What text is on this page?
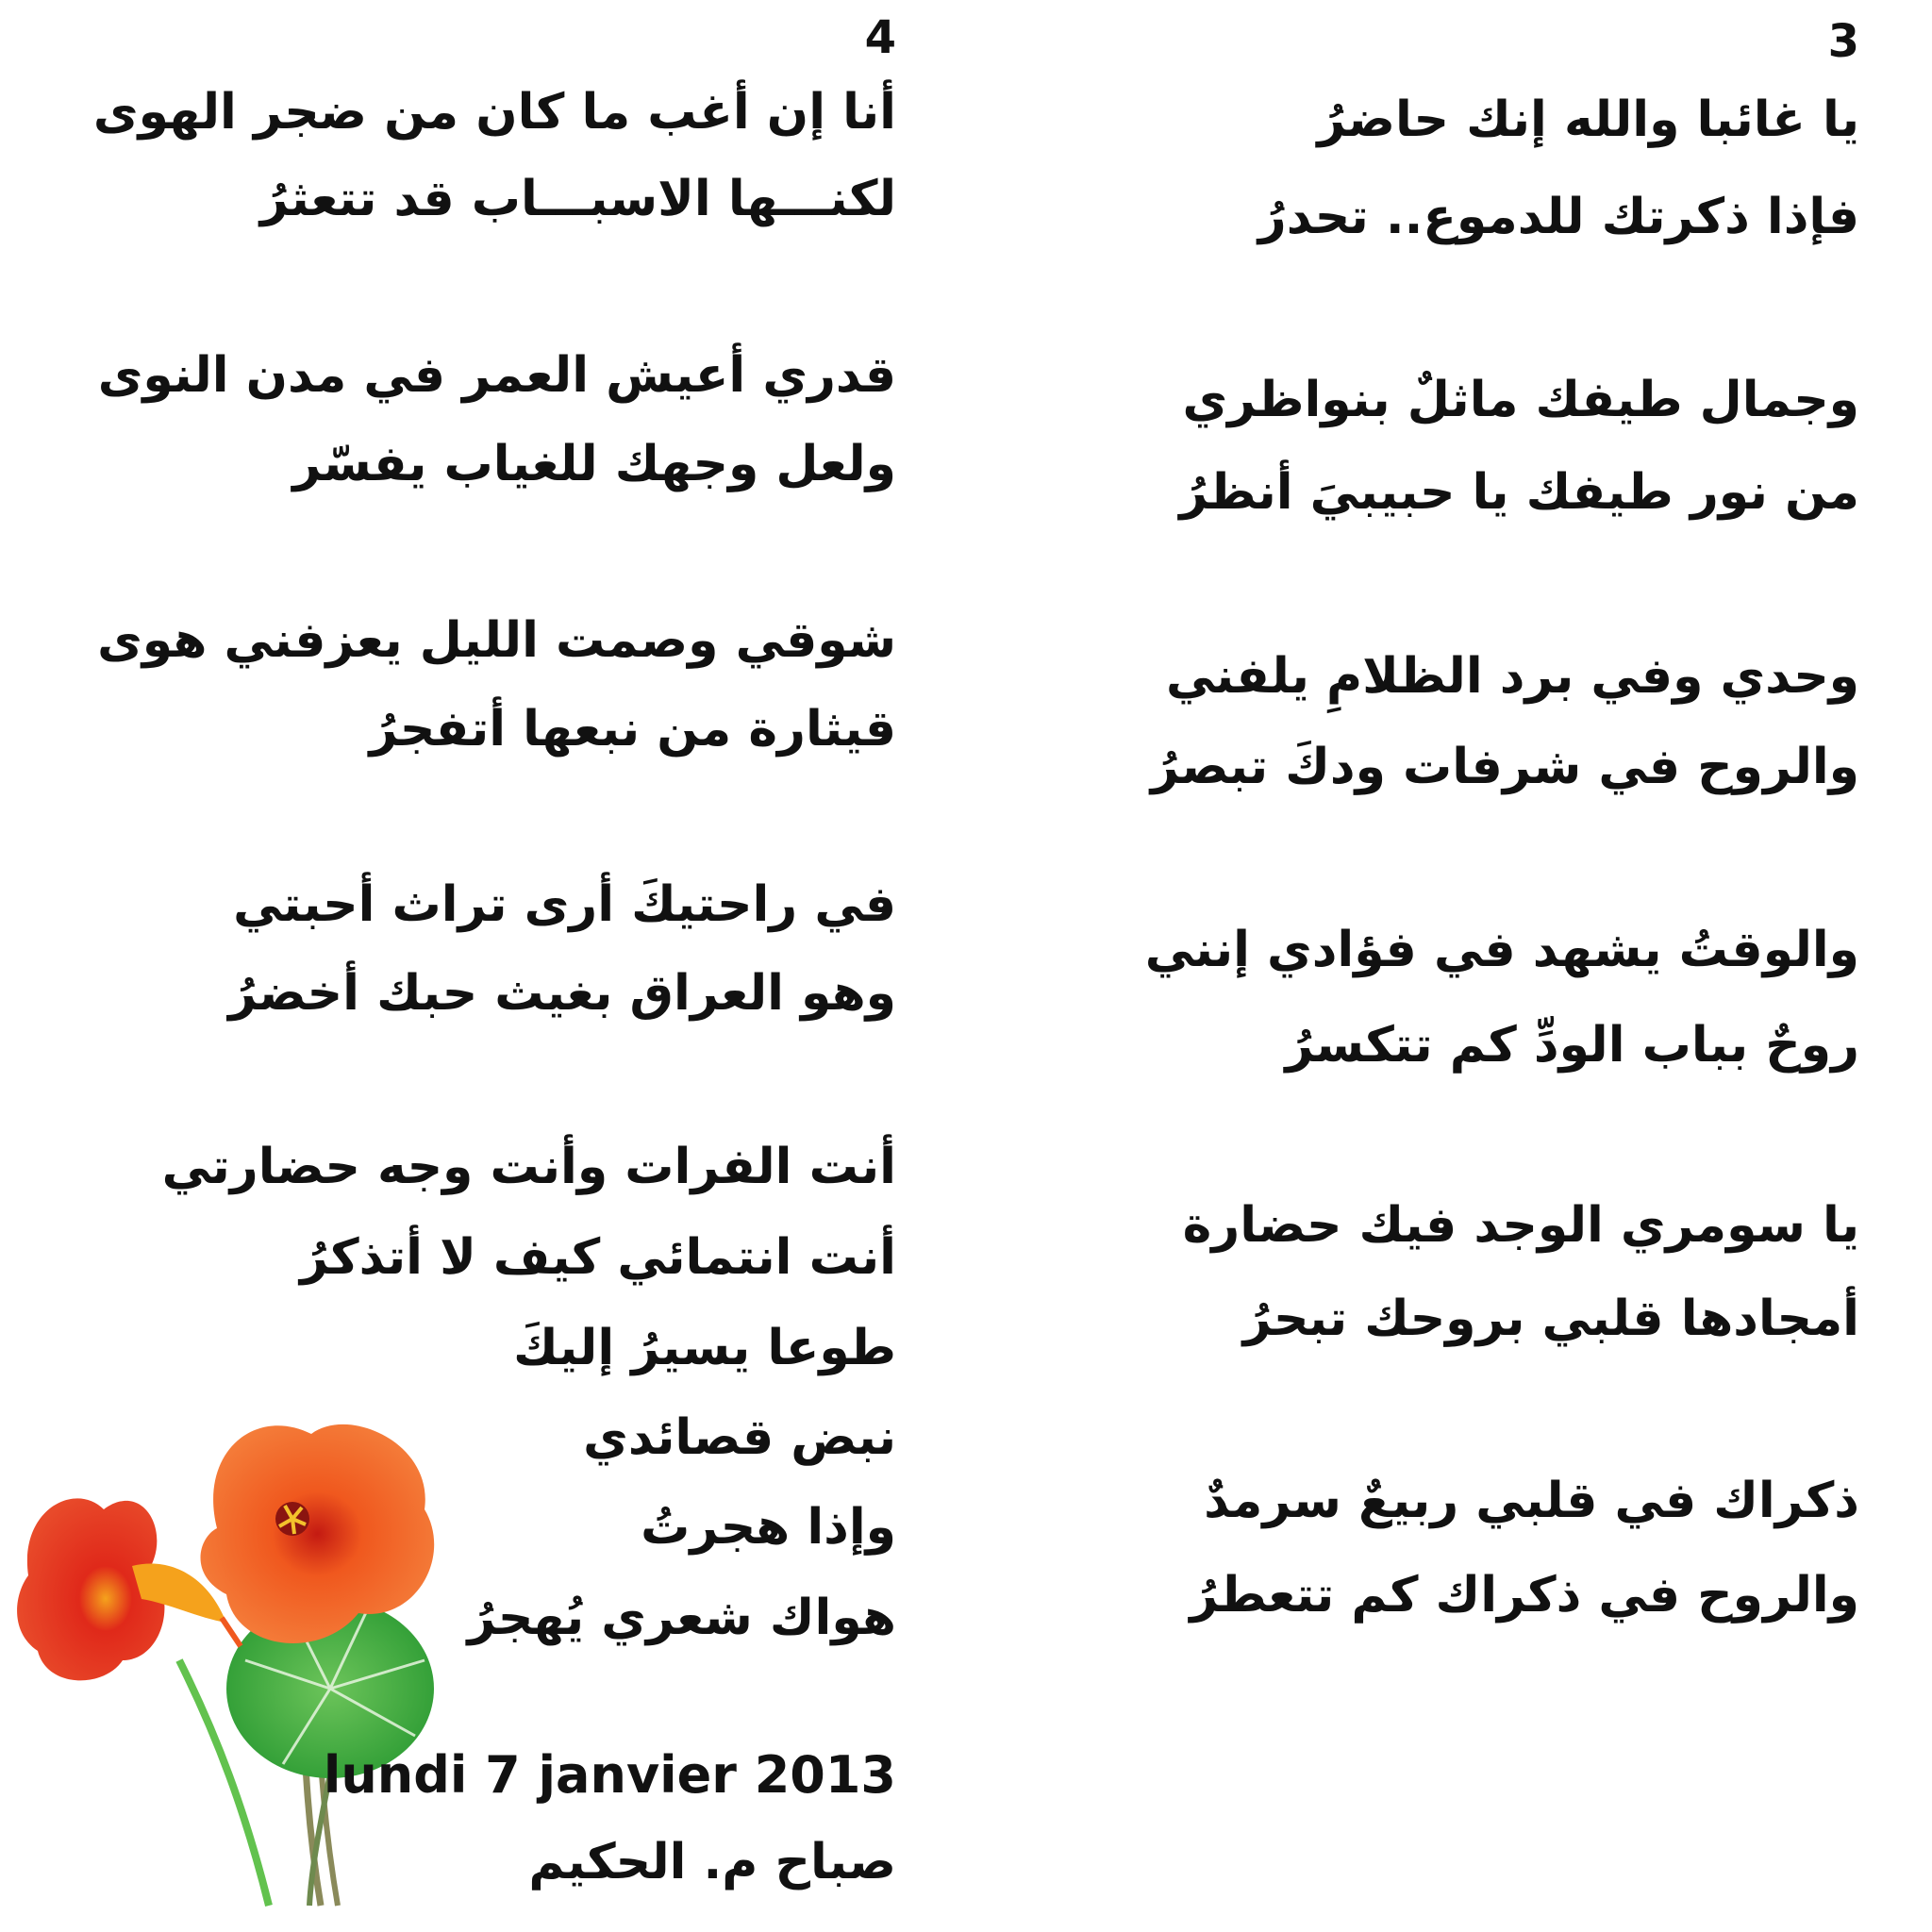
3
يا غائبا والله إنك حاضرُ
فإذا ذكرتك للدموع.. تحدرُ
وجمال طيفك ماثلٌ بنواظري
من نور طيفك يا حبيبيَ أنظرُ
وحدي وفي برد الظلامِ يلفني
والروح في شرفات ودكَ تبصرُ
والوقتُ يشهد في فؤادي إنني
روحٌ بباب الودِّ كم تتكسرُ
يا سومري الوجد فيك حضارة
أمجادها قلبي بروحك تبحرُ
ذكراك في قلبي ربيعٌ سرمدٌ
والروح في ذكراك كم تتعطرُ
4
أنا إن أغب ما كان من ضجر الهوى
لكنـــها الاسبـــاب قد تتعثرُ
قدري أعيش العمر في مدن النوى
ولعل وجهك للغياب يفسّر
شوقي وصمت الليل يعزفني هوى
قيثارة من نبعها أتفجرُ
في راحتيكَ أرى تراث أحبتي
وهو العراق بغيث حبك أخضرُ
أنت الفرات وأنت وجه حضارتي
أنت انتمائي كيف لا أتذكرُ
طوعا يسيرُ إليكَ
نبض قصائدي
وإذا هجرتُ
هواك شعري يُهجرُ
lundi 7 janvier 2013
صباح م. الحكيم
